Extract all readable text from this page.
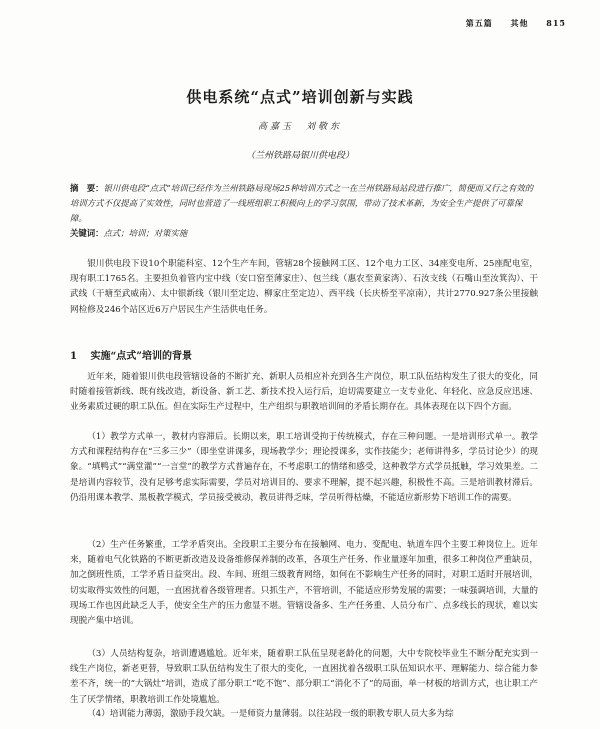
第五篇 其他 815
供电系统“点式”培训创新与实践
高嘉玉　刘敬东
（兰州铁路局银川供电段）
摘　要：银川供电段“点式”培训已经作为兰州铁路局现场25种培训方式之一在兰州铁路局站段进行推广，简便而又行之有效的培训方式不仅提高了实效性，同时也营造了一线班组职工积极向上的学习氛围，带动了技术革新，为安全生产提供了可靠保障。
关键词：点式；培训；对策实施
银川供电段下设10个职能科室、12个生产车间，管辖28个接触网工区、12个电力工区、34座变电所、25座配电室，现有职工1765名。主要担负着管内宝中线（安口窑至薄家庄）、包兰线（惠农至黄家湾）、石汝支线（石嘴山至汝箕沟）、干武线（干塘至武威南）、太中银新线（银川至定边、柳家庄至定边）、西平线（长庆桥至平凉南），共计2770.927条公里接触网检修及246个站区近6万户居民生产生活供电任务。
1　 实施“点式”培训的背景
近年来，随着银川供电段管辖设备的不断扩充、新职人员相应补充到各生产岗位，职工队伍结构发生了很大的变化，同时随着接管新线、既有线改造，新设备、新工艺、新技术投入运行后，迫切需要建立一支专业化、年轻化、应急反应迅速、业务素质过硬的职工队伍。但在实际生产过程中，生产组织与职教培训间的矛盾长期存在。具体表现在以下四个方面。
（1）教学方式单一，教材内容滞后。长期以来，职工培训受拘于传统模式，存在三种问题。一是培训形式单一。教学方式和课程结构存在“三多三少”（即坐堂讲课多，现场教学少；理论授课多，实作技能少；老师讲得多，学员讨论少）的现象。“填鸭式”“满堂灌”“一言堂”的教学方式普遍存在，不考虑职工的情绪和感受，这种教学方式学员抵触，学习效果差。二是培训内容较节，没有足够考虑实际需要，学员对培训目的、要求不理解，提不起兴趣，积极性不高。三是培训教材滞后。仍沿用课本教学、黑板教学模式，学员接受被动，教员讲得乏味，学员听得枯燥，不能适应新形势下培训工作的需要。
（2）生产任务繁重，工学矛盾突出。全段职工主要分布在接触网、电力、变配电、轨道车四个主要工种岗位上。近年来，随着电气化铁路的不断更新改造及设备维修保养制的改革，各项生产任务、作业量逐年加重，很多工种岗位严重缺员，加之倒班性质，工学矛盾日益突出。段、车间、班组三级教育网络，如何在不影响生产任务的同时，对职工适时开展培训，切实取得实效性的问题，一直困扰着各级管理者。只抓生产，不管培训，不能适应形势发展的需要；一味强调培训，大量的现场工作也因此缺乏人手，使安全生产的压力愈显不堪。管辖设备多、生产任务重、人员分布广、点多线长的现状，难以实现脱产集中培训。
（3）人员结构复杂，培训遭遇尴尬。近年来，随着职工队伍呈现老龄化的问题，大中专院校毕业生不断分配充实到一线生产岗位，新老更替，导致职工队伍结构发生了很大的变化，一直困扰着各级职工队伍知识水平、理解能力、综合能力参差不齐，统一的“大锅灶”培训，造成了部分职工“吃不饱”、部分职工“消化不了”的局面，单一材板的培训方式，也让职工产生了厌学情绪，职教培训工作处境尴尬。
（4）培训能力薄弱，激励手段欠缺。一是师资力量薄弱。以往站段一级的职教专职人员大多为综
